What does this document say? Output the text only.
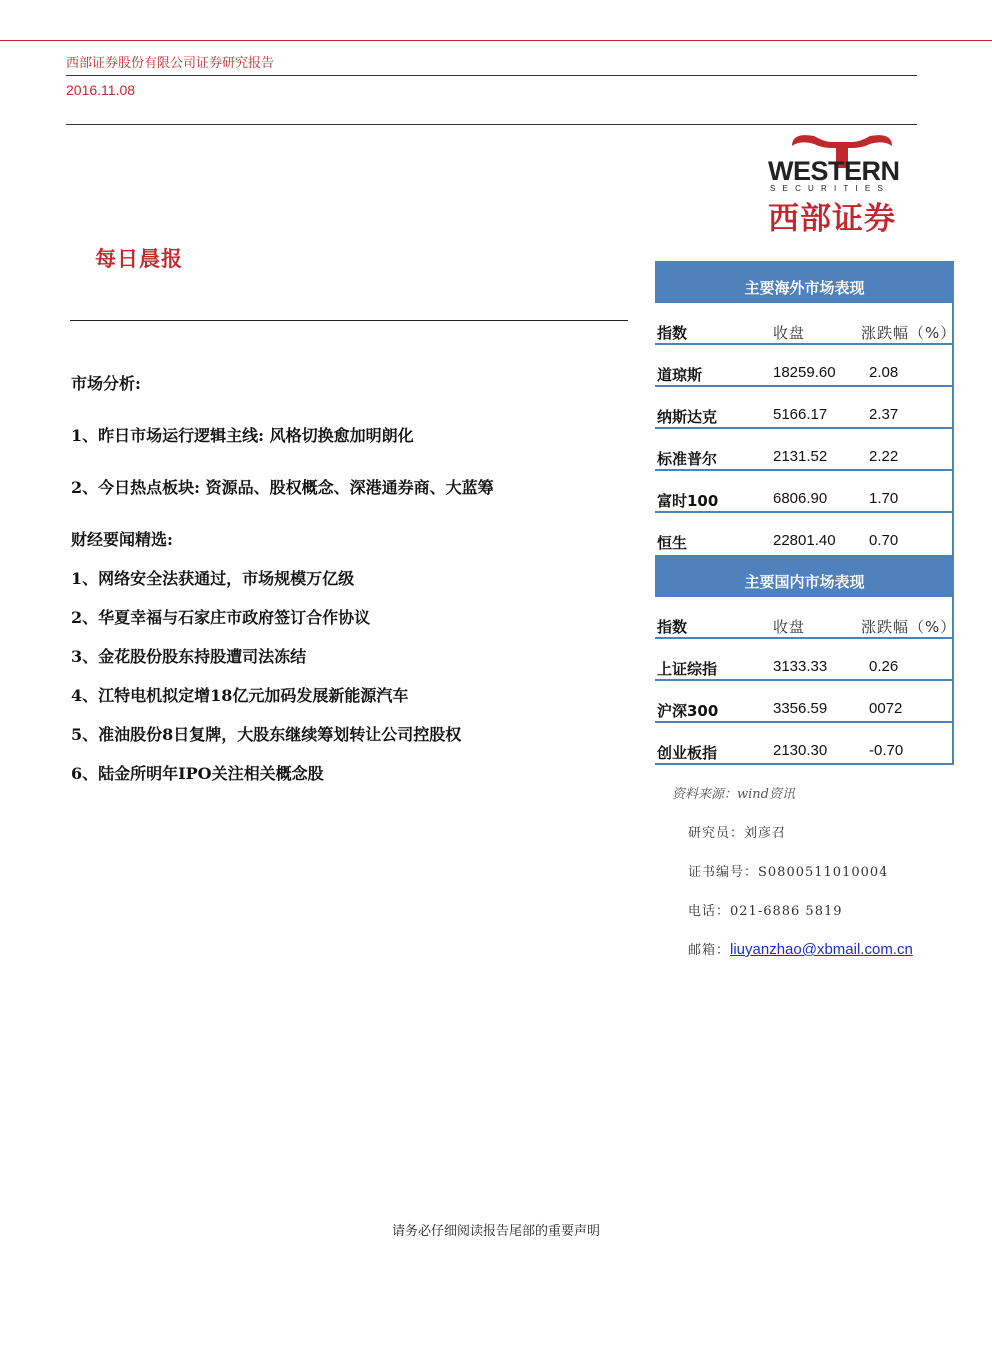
西部证券股份有限公司证券研究报告
2016.11.08
WESTERN
SECURITIES
西部证券
每日晨报
市场分析:
1、昨日市场运行逻辑主线: 风格切换愈加明朗化
2、今日热点板块: 资源品、股权概念、深港通券商、大蓝筹
财经要闻精选:
1、网络安全法获通过，市场规模万亿级
2、华夏幸福与石家庄市政府签订合作协议
3、金花股份股东持股遭司法冻结
4、江特电机拟定增18亿元加码发展新能源汽车
5、准油股份8日复牌，大股东继续筹划转让公司控股权
6、陆金所明年IPO关注相关概念股
主要海外市场表现
指数	收盘	涨跌幅（%）
道琼斯	18259.60 2.08
纳斯达克	5166.17	2.37
标准普尔	2131.52	2.22
富时100	6806.90	1.70
恒生	22801.40 0.70
主要国内市场表现
指数	收盘	涨跌幅（%）
上证综指	3133.33	0.26
沪深300	3356.59	0072
创业板指	2130.30	-0.70
资料来源：wind资讯
研究员：刘彦召
证书编号：S0800511010004
电话：021-6886 5819
邮箱：liuyanzhao@xbmail.com.cn
请务必仔细阅读报告尾部的重要声明
